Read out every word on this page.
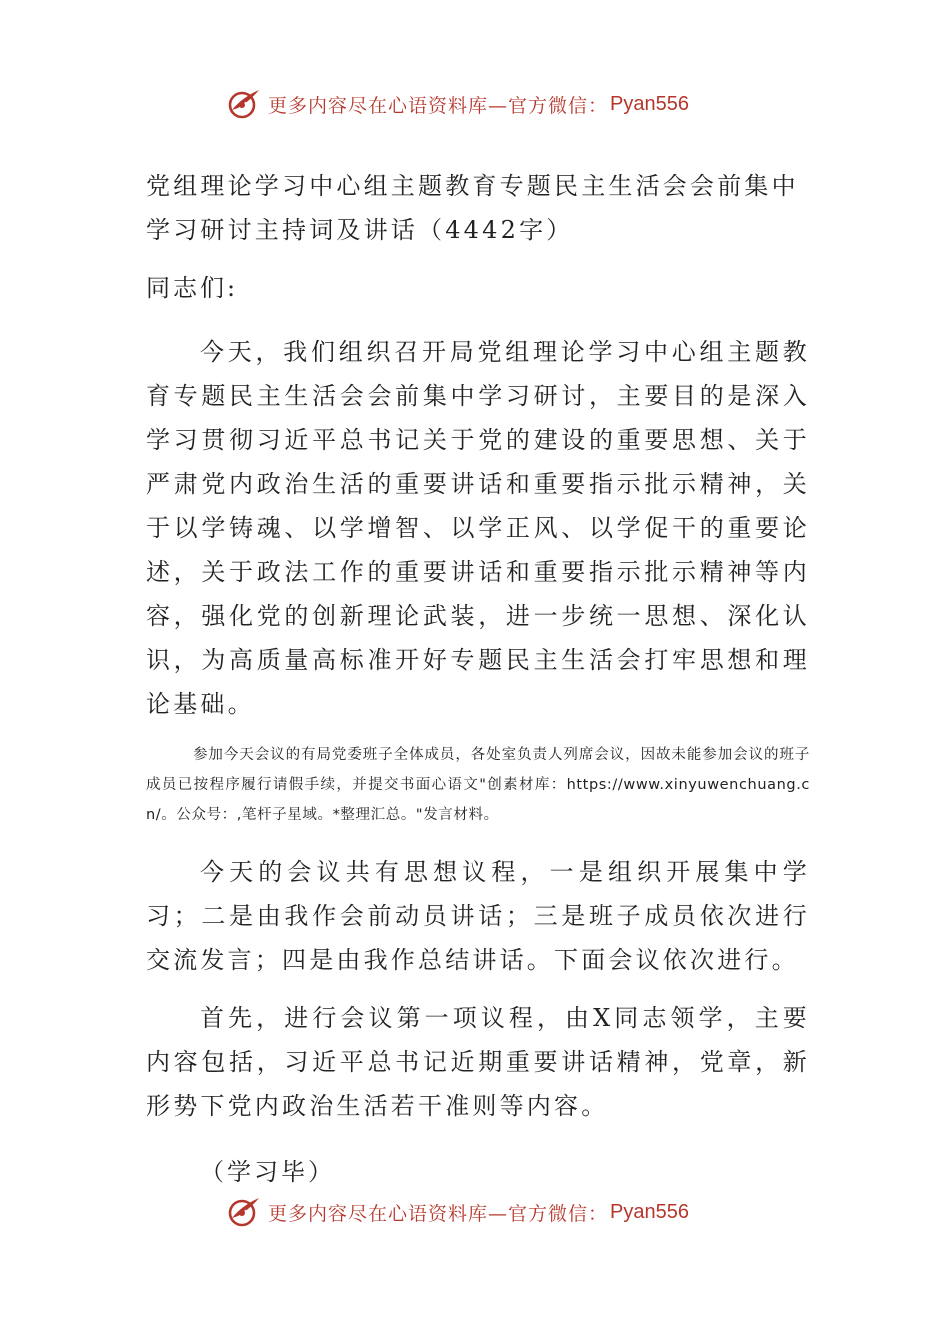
更多内容尽在心语资料库—官方微信： Pyan556
党组理论学习中心组主题教育专题民主生活会会前集中学习研讨主持词及讲话（4442字）

同志们:

今天，我们组织召开局党组理论学习中心组主题教育专题民主生活会会前集中学习研讨，主要目的是深入学习贯彻习近平总书记关于党的建设的重要思想、关于严肃党内政治生活的重要讲话和重要指示批示精神，关于以学铸魂、以学增智、以学正风、以学促干的重要论述，关于政法工作的重要讲话和重要指示批示精神等内容，强化党的创新理论武装，进一步统一思想、深化认识，为高质量高标准开好专题民主生活会打牢思想和理论基础。

参加今天会议的有局党委班子全体成员，各处室负责人列席会议，因故未能参加会议的班子成员已按程序履行请假手续，并提交书面心语文"创素材库：https://www.xinyuwenchuang.cn/。公众号：,笔杆子星域。*整理汇总。"发言材料。

今天的会议共有思想议程，一是组织开展集中学习；二是由我作会前动员讲话；三是班子成员依次进行交流发言；四是由我作总结讲话。下面会议依次进行。

首先，进行会议第一项议程，由X同志领学，主要内容包括，习近平总书记近期重要讲话精神，党章，新形势下党内政治生活若干准则等内容。

（学习毕）

更多内容尽在心语资料库—官方微信： Pyan556
